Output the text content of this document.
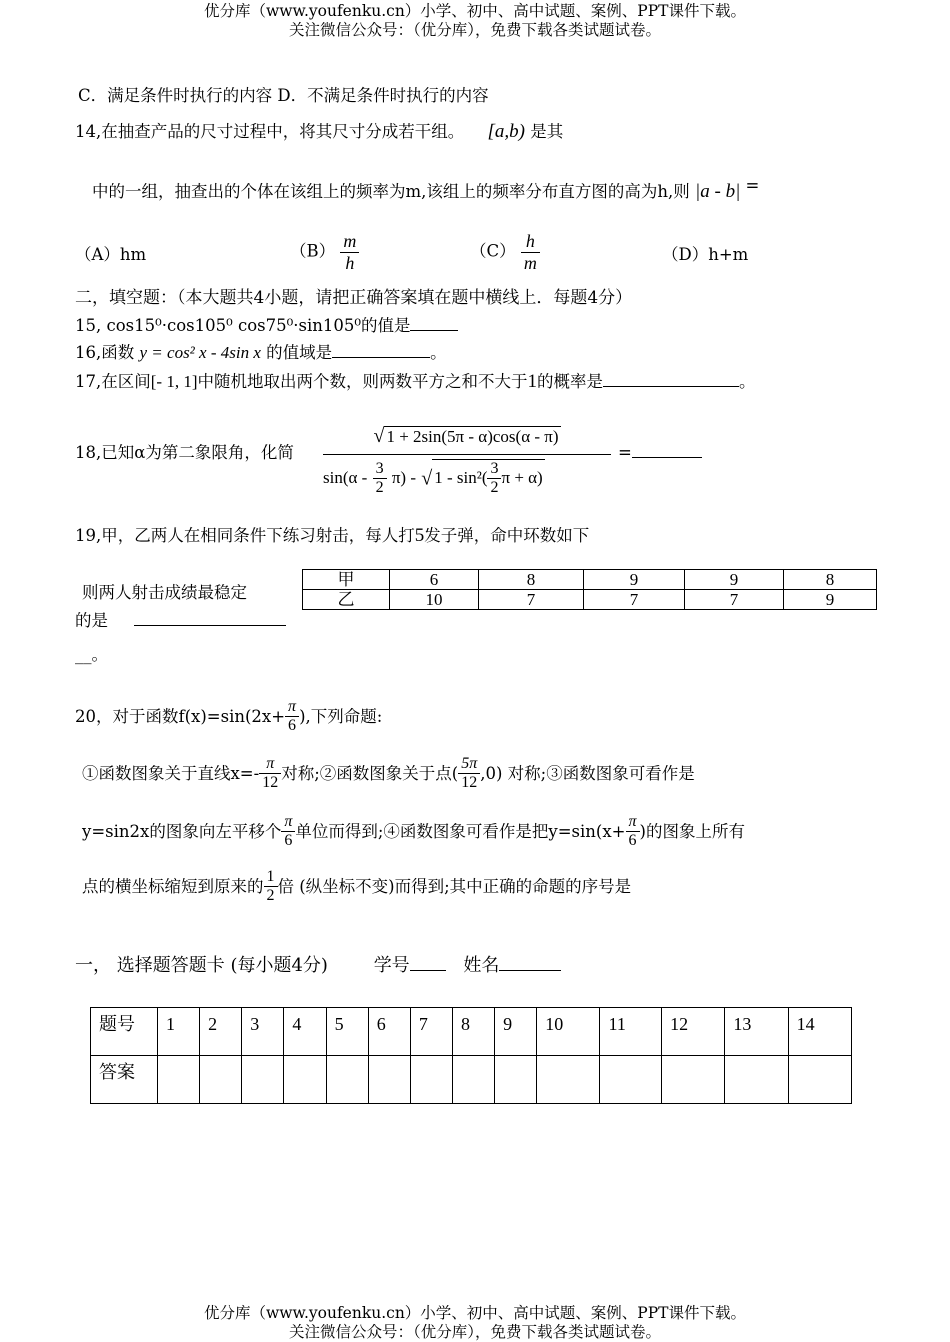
优分库（www.youfenku.cn）小学、初中、高中试题、案例、PPT课件下载。
关注微信公众号：（优分库），免费下载各类试题试卷。
C．满足条件时执行的内容 D．不满足条件时执行的内容
14,在抽查产品的尺寸过程中，将其尺寸分成若干组。 [a,b) 是其
中的一组，抽查出的个体在该组上的频率为m,该组上的频率分布直方图的高为h,则 |a - b| =
（A）hm	$(B) \frac{m}{h}$	$(C) \frac{h}{m}$	（D）h+m
二，填空题：（本大题共4小题，请把正确答案填在题中横线上．每题4分）
15, cos15⁰·cos105⁰ cos75⁰·sin105⁰的值是
16,函数 y = cos² x - 4sin x 的值域是	。
17,在区间[- 1, 1]中随机地取出两个数，则两数平方之和不大于1的概率是	。
18,已知α为第二象限角，化简
√ 1 + 2sin(5π - α)cos(α - π)
$\sin(\alpha - \frac{3}{2} \pi)$ - √ $1 - \sin^2( \frac{3}{2}$ π + α)
=
19,甲，乙两人在相同条件下练习射击，每人打5发子弹，命中环数如下
则两人射击成绩最稳定
的是
__。
甲	6	8	9	9	8
乙	10	7	7	7	9
20，对于函数$f(x)=\sin(2x+ \frac{\pi}{6}$ ),下列命题:
①函数图象关于直线$x=- \frac{\pi}{12}$ 对称;②函数图象关于点( $\frac{5\pi}{12} ,0$) 对称;③函数图象可看作是
y=sin2x的图象向左平移个 $\frac{\pi}{6}$ 单位而得到;④函数图象可看作是把$y=\sin(x+ \frac{\pi}{6}$ )的图象上所有
点的横坐标缩短到原来的 $\frac{1}{2}$ 倍 (纵坐标不变)而得到;其中正确的命题的序号是
一， 选择题答题卡 (每小题4分)	学号	姓名
题号	1	2	3	4	5	6	7	8	9	10	11	12	13	14
答案														
优分库（www.youfenku.cn）小学、初中、高中试题、案例、PPT课件下载。
关注微信公众号：（优分库），免费下载各类试题试卷。
